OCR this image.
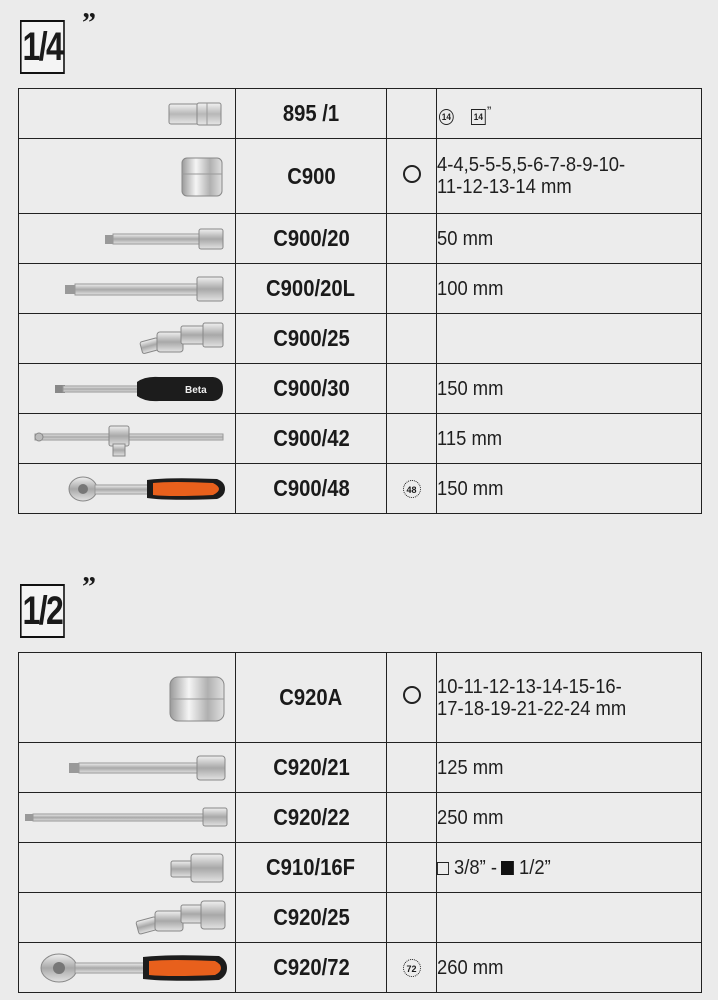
1/4
”
	895 /1		14 14 ”

	C900		4-4,5-5-5,5-6-7-8-9-10-
11-12-13-14 mm

	C900/20		50 mm

	C900/20L		100 mm

	C900/25		

Beta	C900/30		150 mm

	C900/42		115 mm

	C900/48	48	150 mm
1/2
”
	C920A		10-11-12-13-14-15-16-
17-18-19-21-22-24 mm

	C920/21		125 mm

	C920/22		250 mm

	C910/16F		3/8” -1/2”

	C920/25		

	C920/72	72	260 mm
